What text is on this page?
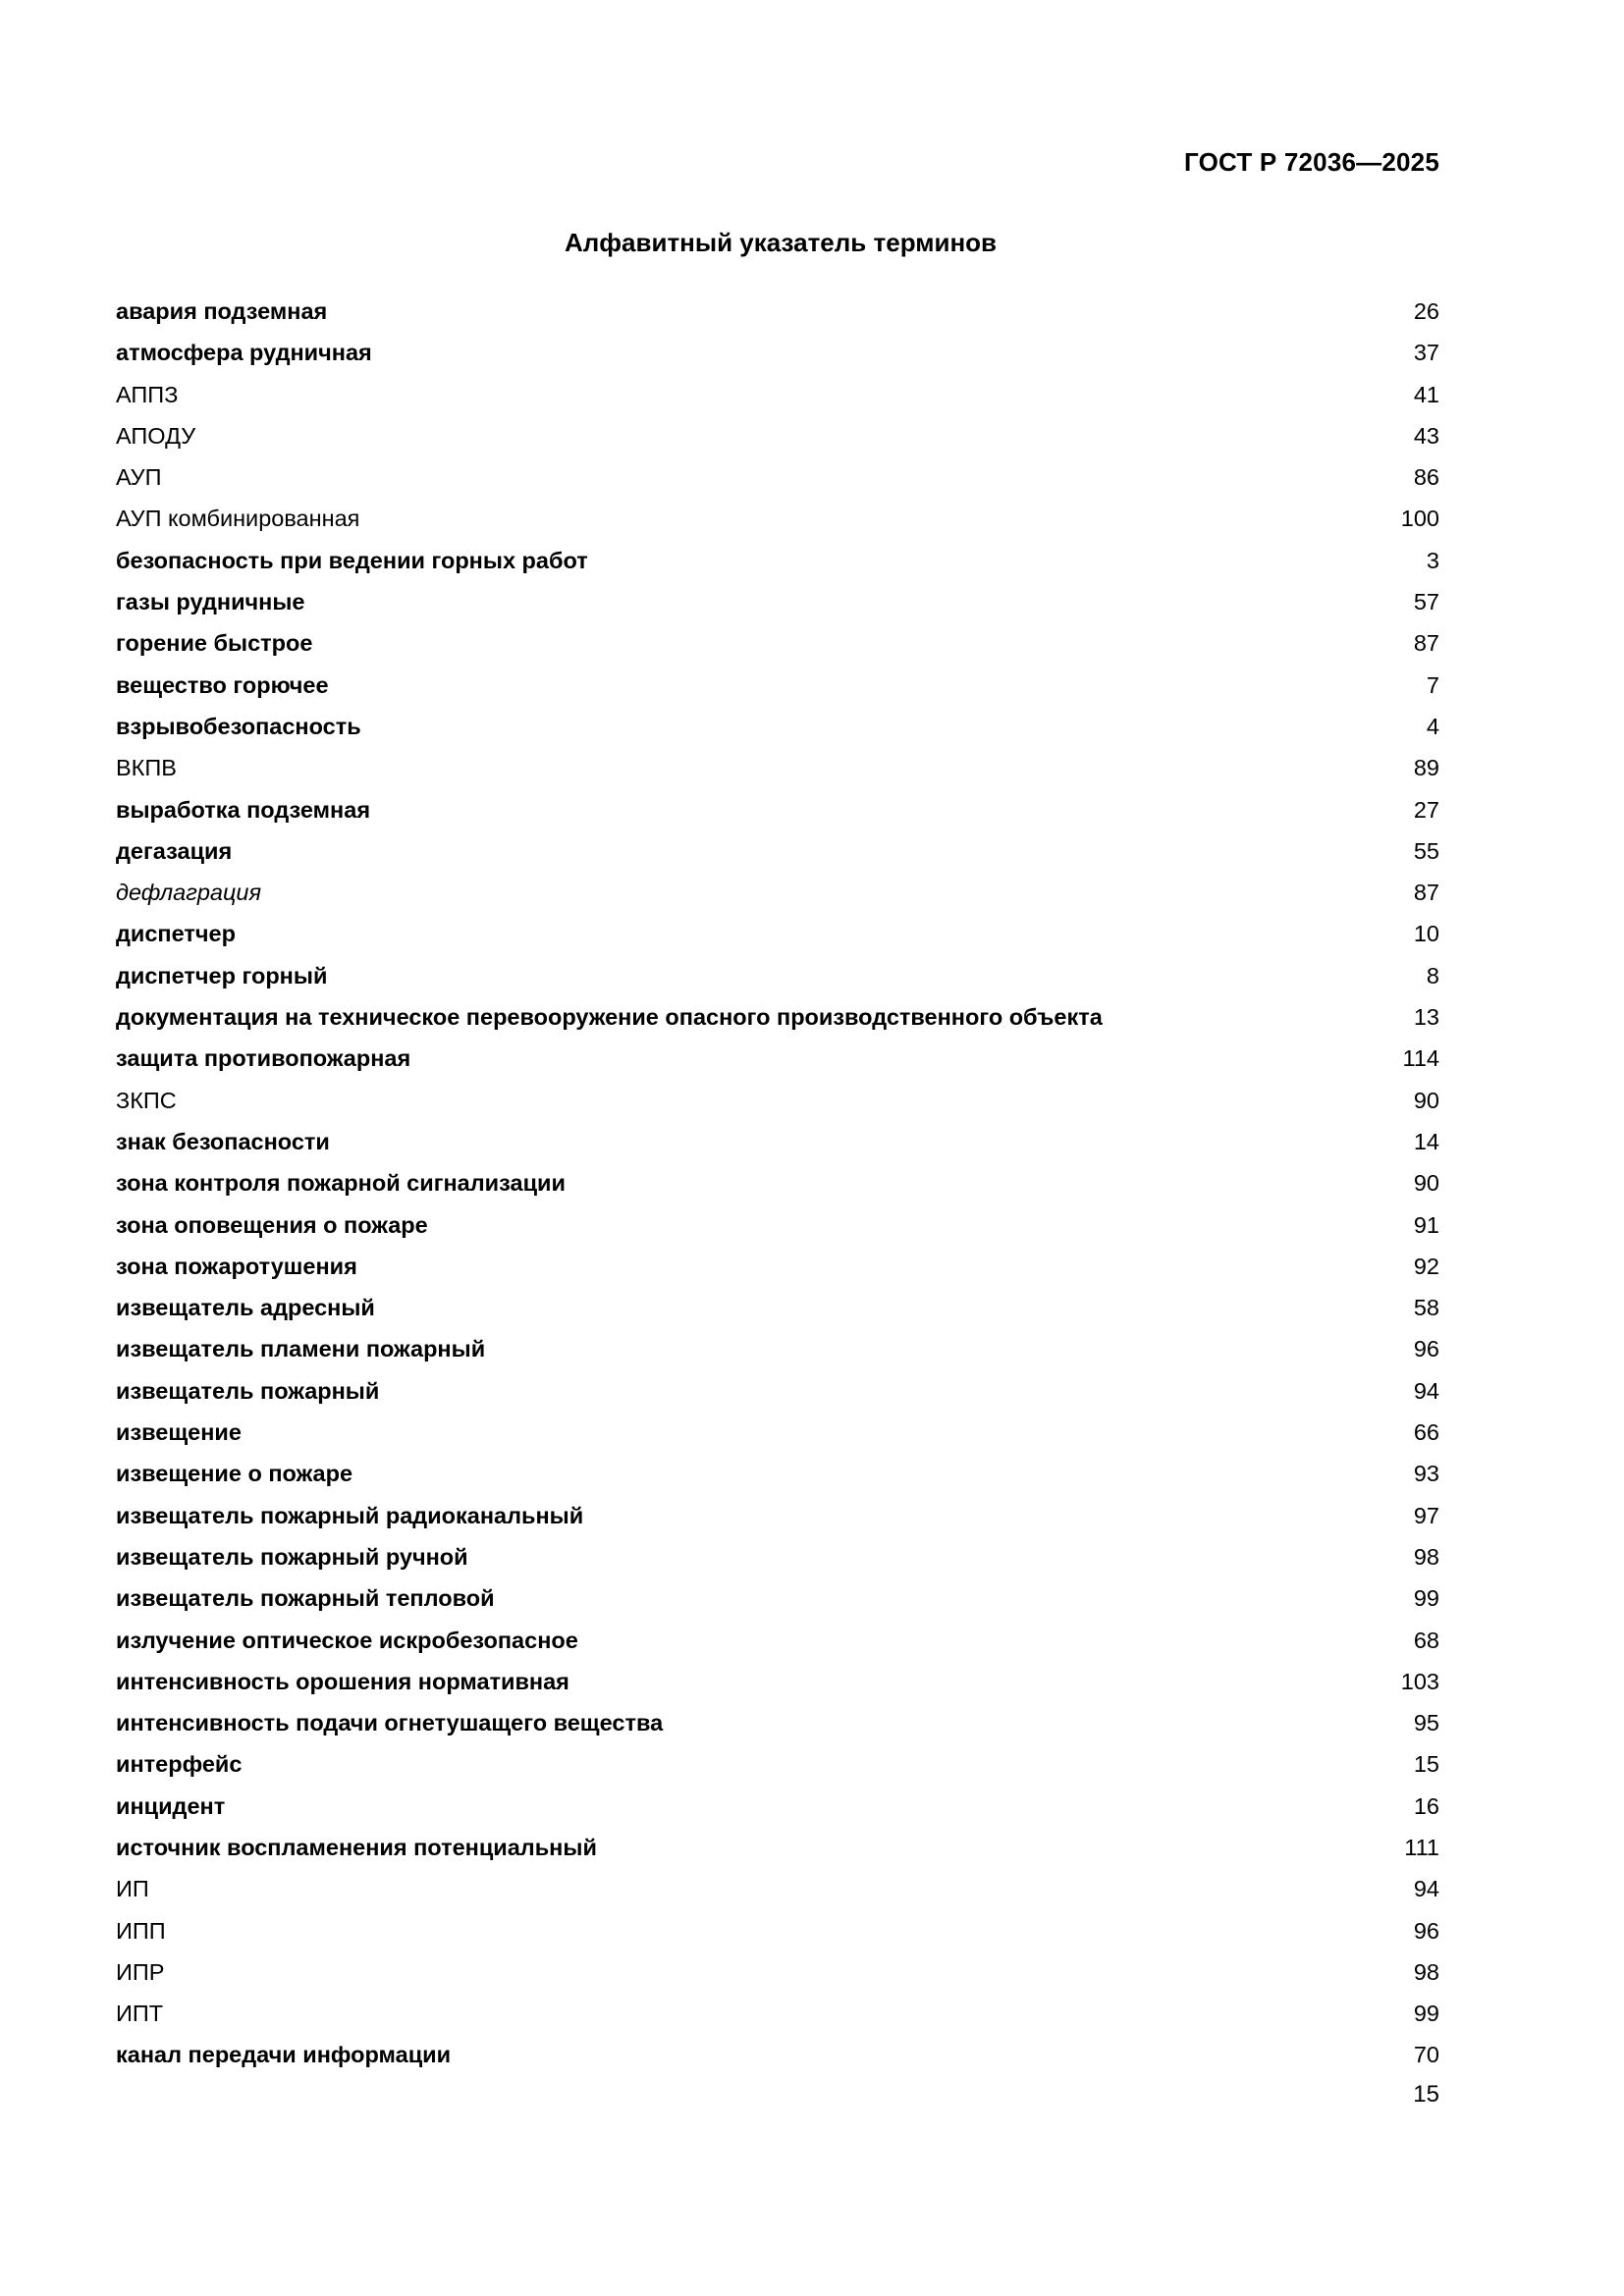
ГОСТ Р 72036—2025
Алфавитный указатель терминов
авария подземная	26
атмосфера рудничная	37
АППЗ	41
АПОДУ	43
АУП	86
АУП комбинированная	100
безопасность при ведении горных работ	3
газы рудничные	57
горение быстрое	87
вещество горючее	7
взрывобезопасность	4
ВКПВ	89
выработка подземная	27
дегазация	55
дефлаграция	87
диспетчер	10
диспетчер горный	8
документация на техническое перевооружение опасного производственного объекта	13
защита противопожарная	114
ЗКПС	90
знак безопасности	14
зона контроля пожарной сигнализации	90
зона оповещения о пожаре	91
зона пожаротушения	92
извещатель адресный	58
извещатель пламени пожарный	96
извещатель пожарный	94
извещение	66
извещение о пожаре	93
извещатель пожарный радиоканальный	97
извещатель пожарный ручной	98
извещатель пожарный тепловой	99
излучение оптическое искробезопасное	68
интенсивность орошения нормативная	103
интенсивность подачи огнетушащего вещества	95
интерфейс	15
инцидент	16
источник воспламенения потенциальный	111
ИП	94
ИПП	96
ИПР	98
ИПТ	99
канал передачи информации	70
15
